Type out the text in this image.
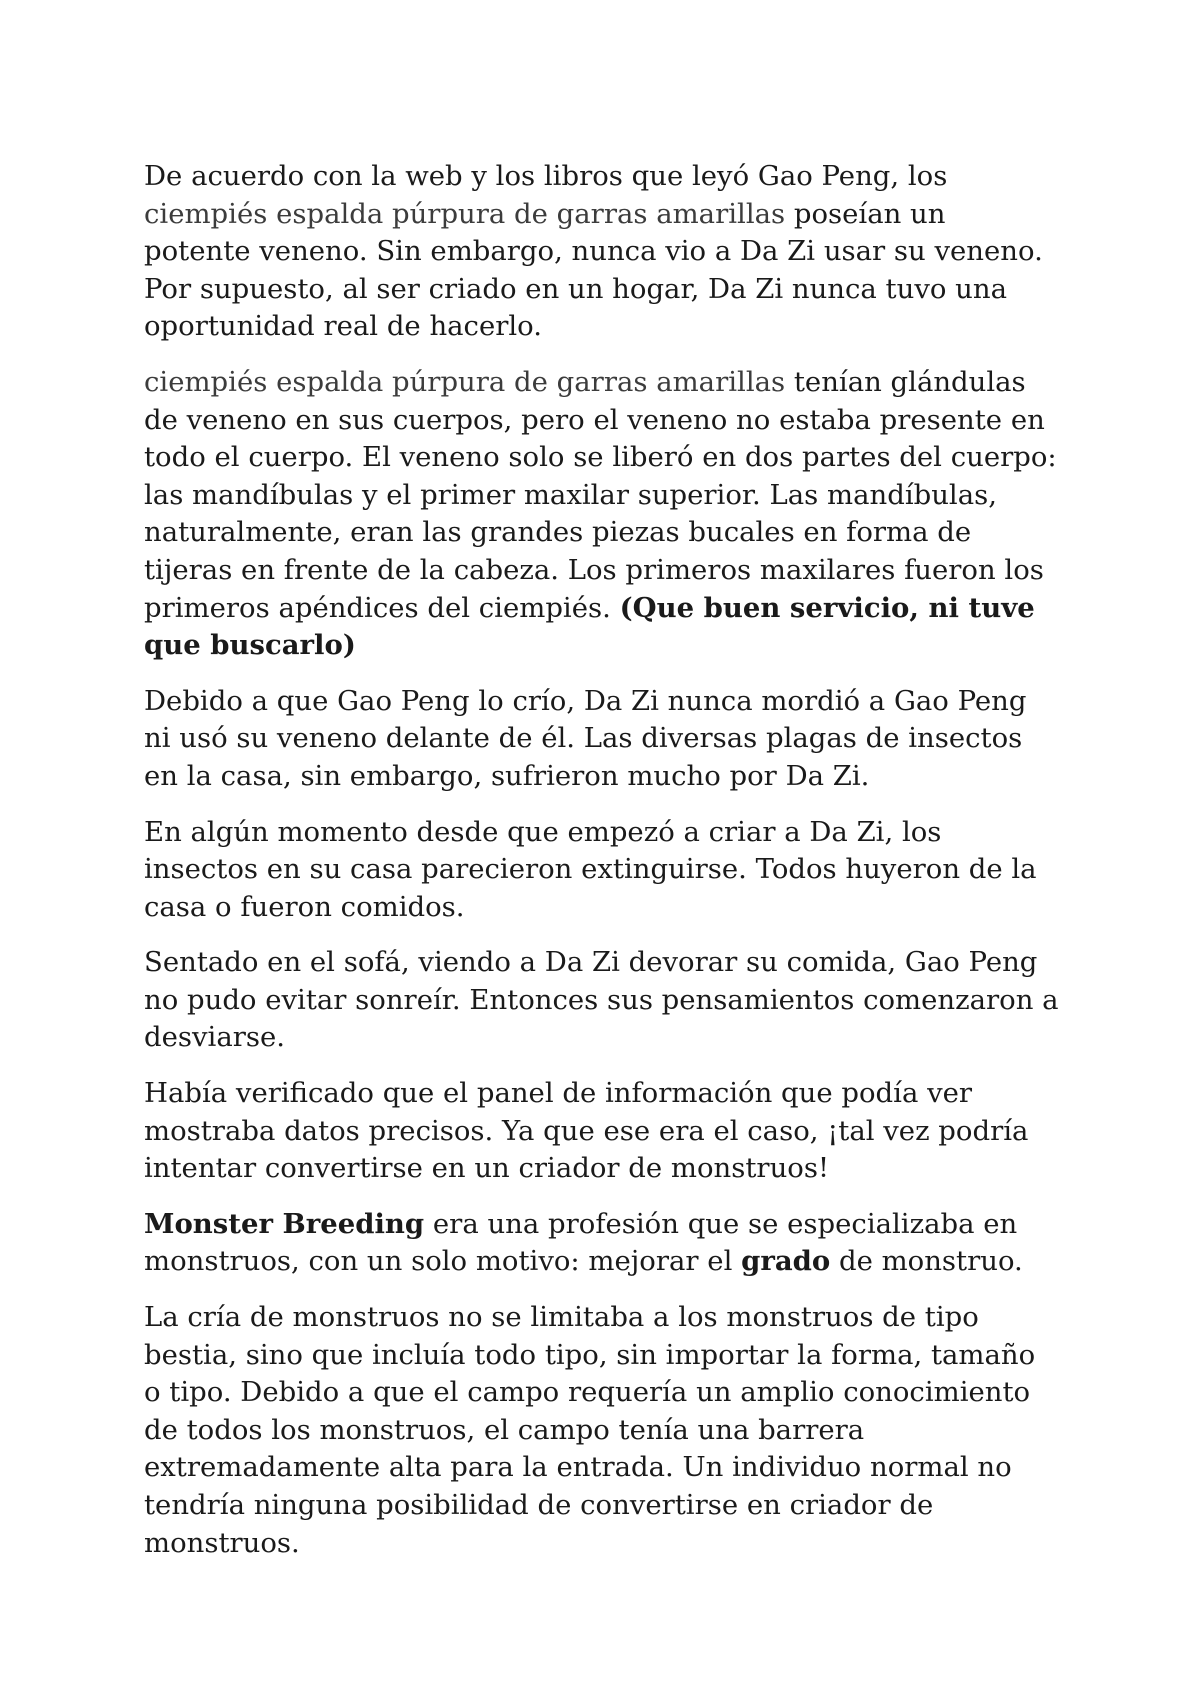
De acuerdo con la web y los libros que leyó Gao Peng, los ciempiés espalda púrpura de garras amarillas poseían un potente veneno. Sin embargo, nunca vio a Da Zi usar su veneno. Por supuesto, al ser criado en un hogar, Da Zi nunca tuvo una oportunidad real de hacerlo.

ciempiés espalda púrpura de garras amarillas tenían glándulas de veneno en sus cuerpos, pero el veneno no estaba presente en todo el cuerpo. El veneno solo se liberó en dos partes del cuerpo: las mandíbulas y el primer maxilar superior. Las mandíbulas, naturalmente, eran las grandes piezas bucales en forma de tijeras en frente de la cabeza. Los primeros maxilares fueron los primeros apéndices del ciempiés. (Que buen servicio, ni tuve que buscarlo)

Debido a que Gao Peng lo crío, Da Zi nunca mordió a Gao Peng ni usó su veneno delante de él. Las diversas plagas de insectos en la casa, sin embargo, sufrieron mucho por Da Zi.

En algún momento desde que empezó a criar a Da Zi, los insectos en su casa parecieron extinguirse. Todos huyeron de la casa o fueron comidos.

Sentado en el sofá, viendo a Da Zi devorar su comida, Gao Peng no pudo evitar sonreír. Entonces sus pensamientos comenzaron a desviarse.

Había verificado que el panel de información que podía ver mostraba datos precisos. Ya que ese era el caso, ¡tal vez podría intentar convertirse en un criador de monstruos!

Monster Breeding era una profesión que se especializaba en monstruos, con un solo motivo: mejorar el grado de monstruo.

La cría de monstruos no se limitaba a los monstruos de tipo bestia, sino que incluía todo tipo, sin importar la forma, tamaño o tipo. Debido a que el campo requería un amplio conocimiento de todos los monstruos, el campo tenía una barrera extremadamente alta para la entrada. Un individuo normal no tendría ninguna posibilidad de convertirse en criador de monstruos.
